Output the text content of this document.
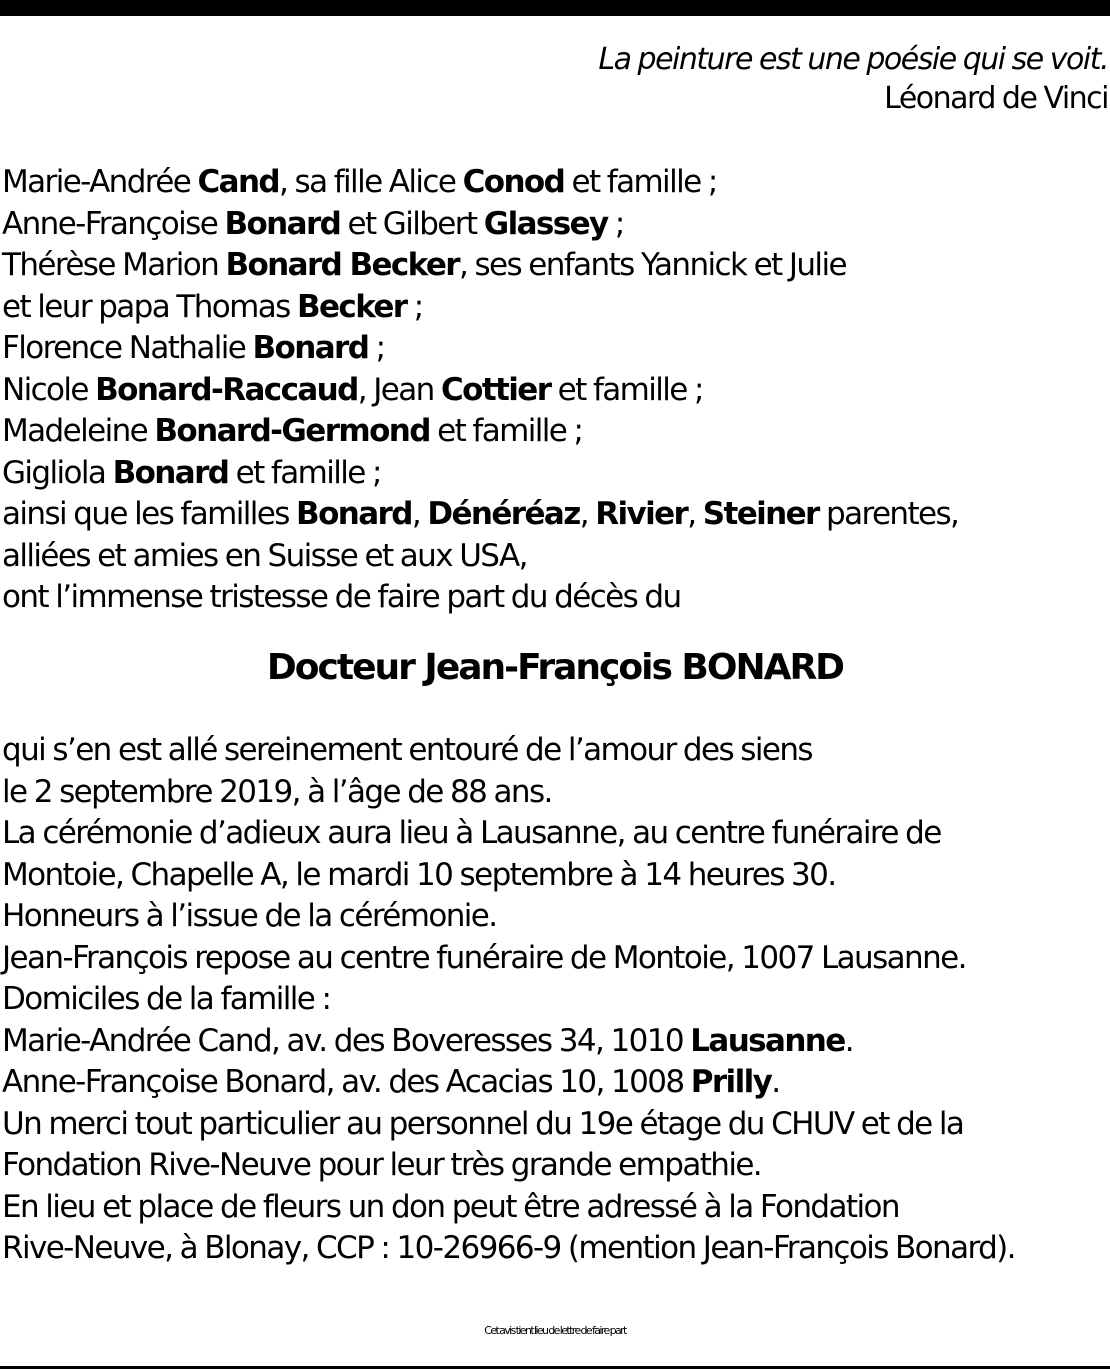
La peinture est une poésie qui se voit.
Léonard de Vinci
Marie-Andrée Cand, sa fille Alice Conod et famille ;
Anne-Françoise Bonard et Gilbert Glassey ;
Thérèse Marion Bonard Becker, ses enfants Yannick et Julie
et leur papa Thomas Becker ;
Florence Nathalie Bonard ;
Nicole Bonard-Raccaud, Jean Cottier et famille ;
Madeleine Bonard-Germond et famille ;
Gigliola Bonard et famille ;
ainsi que les familles Bonard, Dénéréaz, Rivier, Steiner parentes,
alliées et amies en Suisse et aux USA,
ont l’immense tristesse de faire part du décès du
Docteur Jean-François BONARD
qui s’en est allé sereinement entouré de l’amour des siens
le 2 septembre 2019, à l’âge de 88 ans.
La cérémonie d’adieux aura lieu à Lausanne, au centre funéraire de
Montoie, Chapelle A, le mardi 10 septembre à 14 heures 30.
Honneurs à l’issue de la cérémonie.
Jean-François repose au centre funéraire de Montoie, 1007 Lausanne.
Domiciles de la famille :
Marie-Andrée Cand, av. des Boveresses 34, 1010 Lausanne.
Anne-Françoise Bonard, av. des Acacias 10, 1008 Prilly.
Un merci tout particulier au personnel du 19e étage du CHUV et de la
Fondation Rive-Neuve pour leur très grande empathie.
En lieu et place de fleurs un don peut être adressé à la Fondation
Rive-Neuve, à Blonay, CCP : 10-26966-9 (mention Jean-François Bonard).
Cet avis tient lieu de lettre de faire part
